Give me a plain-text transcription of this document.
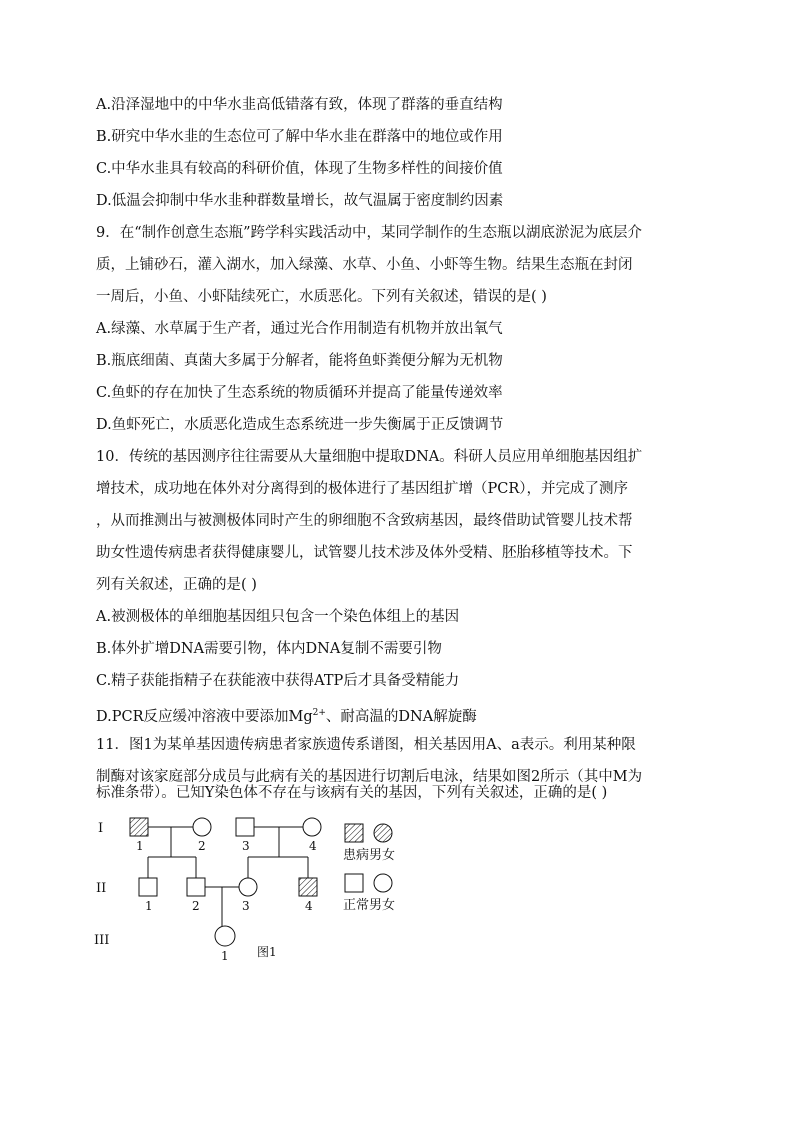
A.沿泽湿地中的中华水韭高低错落有致，体现了群落的垂直结构
B.研究中华水韭的生态位可了解中华水韭在群落中的地位或作用
C.中华水韭具有较高的科研价值，体现了生物多样性的间接价值
D.低温会抑制中华水韭种群数量增长，故气温属于密度制约因素
9．在“制作创意生态瓶”跨学科实践活动中，某同学制作的生态瓶以湖底淤泥为底层介
质，上铺砂石，灌入湖水，加入绿藻、水草、小鱼、小虾等生物。结果生态瓶在封闭
一周后，小鱼、小虾陆续死亡，水质恶化。下列有关叙述，错误的是( )
A.绿藻、水草属于生产者，通过光合作用制造有机物并放出氧气
B.瓶底细菌、真菌大多属于分解者，能将鱼虾粪便分解为无机物
C.鱼虾的存在加快了生态系统的物质循环并提高了能量传递效率
D.鱼虾死亡，水质恶化造成生态系统进一步失衡属于正反馈调节
10．传统的基因测序往往需要从大量细胞中提取DNA。科研人员应用单细胞基因组扩
增技术，成功地在体外对分离得到的极体进行了基因组扩增（PCR），并完成了测序
，从而推测出与被测极体同时产生的卵细胞不含致病基因，最终借助试管婴儿技术帮
助女性遗传病患者获得健康婴儿，试管婴儿技术涉及体外受精、胚胎移植等技术。下
列有关叙述，正确的是( )
A.被测极体的单细胞基因组只包含一个染色体组上的基因
B.体外扩增DNA需要引物，体内DNA复制不需要引物
C.精子获能指精子在获能液中获得ATP后才具备受精能力
D.PCR反应缓冲溶液中要添加$Mg^{2+}$、耐高温的DNA解旋酶
11．图1为某单基因遗传病患者家族遗传系谱图，相关基因用A、a表示。利用某种限
制酶对该家庭部分成员与此病有关的基因进行切割后电泳，结果如图2所示（其中M为
标准条带）。已知Y染色体不存在与该病有关的基因，下列有关叙述，正确的是( )
I
II
III
1	2	3	4
1	2	3	4
1 图1
患病男女
正常男女
